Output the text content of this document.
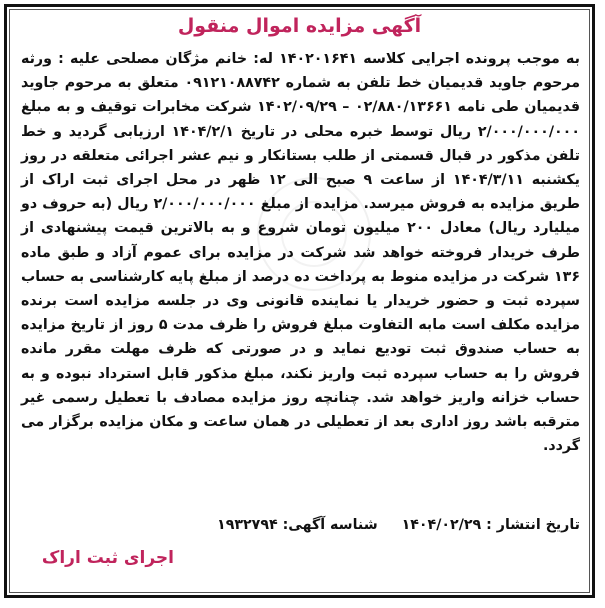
آگهی مزایده اموال منقول

به موجب پرونده اجرایی کلاسه ۱۴۰۲۰۱۶۴۱ له: خانم مژگان مصلحی علیه : ورثه مرحوم جاوید قدیمیان خط تلفن به شماره ۰۹۱۲۱۰۸۸۷۴۲ متعلق به مرحوم جاوید قدیمیان طی نامه ۰۲/۸۸۰/۱۳۶۶۱ – ۱۴۰۲/۰۹/۲۹ شرکت مخابرات توقیف و به مبلغ ۲/۰۰۰/۰۰۰/۰۰۰ ریال توسط خبره محلی در تاریخ ۱۴۰۴/۲/۱ ارزیابی گردید و خط تلفن مذکور در قبال قسمتی از طلب بستانکار و نیم عشر اجرائی متعلقه در روز یکشنبه ۱۴۰۴/۳/۱۱ از ساعت ۹ صبح الی ۱۲ ظهر در محل اجرای ثبت اراک از طریق مزایده به فروش میرسد. مزایده از مبلغ ۲/۰۰۰/۰۰۰/۰۰۰ ریال (به حروف دو میلیارد ریال) معادل ۲۰۰ میلیون تومان شروع و به بالاترین قیمت پیشنهادی از طرف خریدار فروخته خواهد شد شرکت در مزایده برای عموم آزاد و طبق ماده ۱۳۶ شرکت در مزایده منوط به پرداخت ده درصد از مبلغ پایه کارشناسی به حساب سپرده ثبت و حضور خریدار یا نماینده قانونی وی در جلسه مزایده است برنده مزایده مکلف است مابه التفاوت مبلغ فروش را ظرف مدت ۵ روز از تاریخ مزایده به حساب صندوق ثبت تودیع نماید و در صورتی که ظرف مهلت مقرر مانده فروش را به حساب سپرده ثبت واریز نکند، مبلغ مذکور قابل استرداد نبوده و به حساب خزانه واریز خواهد شد. چنانچه روز مزایده مصادف با تعطیل رسمی غیر مترقبه باشد روز اداری بعد از تعطیلی در همان ساعت و مکان مزایده برگزار می گردد.

تاریخ انتشار : ۱۴۰۴/۰۲/۲۹  شناسه آگهی: ۱۹۳۲۷۹۴
اجرای ثبت اراک
